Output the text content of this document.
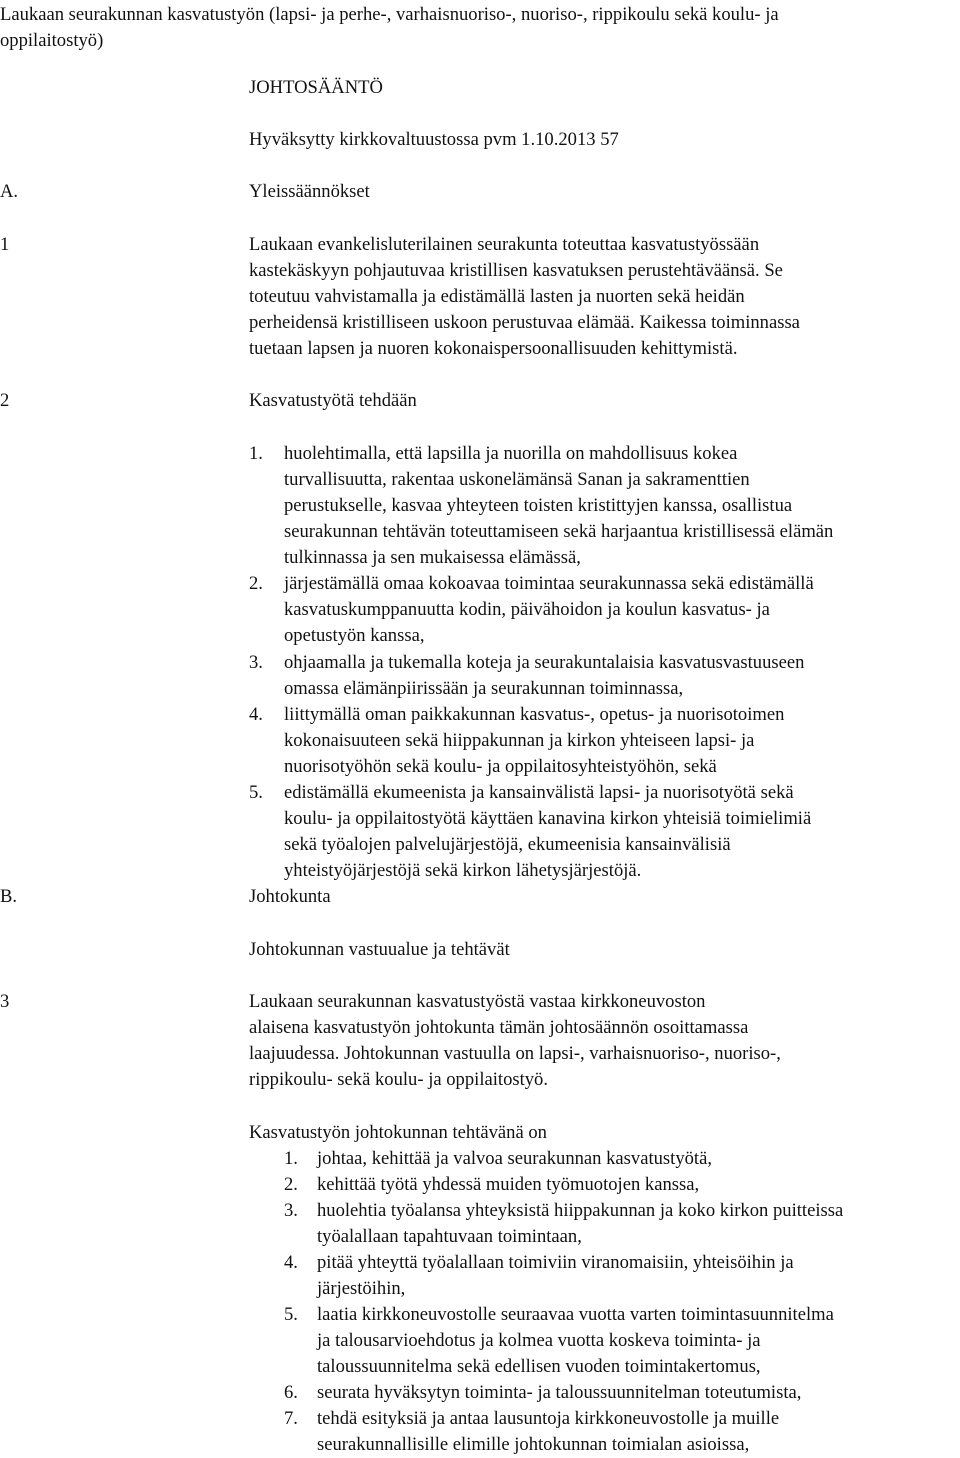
Laukaan seurakunnan kasvatustyön (lapsi- ja perhe-, varhaisnuoriso-, nuoriso-, rippikoulu sekä koulu- ja
oppilaitostyö)
JOHTOSÄÄNTÖ
Hyväksytty kirkkovaltuustossa pvm 1.10.2013 57
A.	Yleissäännökset
1	Laukaan evankelisluterilainen seurakunta toteuttaa kasvatustyössään
kastekäskyyn pohjautuvaa kristillisen kasvatuksen perustehtäväänsä. Se
toteutuu vahvistamalla ja edistämällä lasten ja nuorten sekä heidän
perheidensä kristilliseen uskoon perustuvaa elämää. Kaikessa toiminnassa
tuetaan lapsen ja nuoren kokonaispersoonallisuuden kehittymistä.
2	Kasvatustyötä tehdään
1. huolehtimalla, että lapsilla ja nuorilla on mahdollisuus kokea
turvallisuutta, rakentaa uskonelämänsä Sanan ja sakramenttien
perustukselle, kasvaa yhteyteen toisten kristittyjen kanssa, osallistua
seurakunnan tehtävän toteuttamiseen sekä harjaantua kristillisessä elämän
tulkinnassa ja sen mukaisessa elämässä,
2. järjestämällä omaa kokoavaa toimintaa seurakunnassa sekä edistämällä
kasvatuskumppanuutta kodin, päivähoidon ja koulun kasvatus- ja
opetustyön kanssa,
3. ohjaamalla ja tukemalla koteja ja seurakuntalaisia kasvatusvastuuseen
omassa elämänpiirissään ja seurakunnan toiminnassa,
4. liittymällä oman paikkakunnan kasvatus-, opetus- ja nuorisotoimen
kokonaisuuteen sekä hiippakunnan ja kirkon yhteiseen lapsi- ja
nuorisotyöhön sekä koulu- ja oppilaitosyhteistyöhön, sekä
5. edistämällä ekumeenista ja kansainvälistä lapsi- ja nuorisotyötä sekä
koulu- ja oppilaitostyötä käyttäen kanavina kirkon yhteisiä toimielimiä
sekä työalojen palvelujärjestöjä, ekumeenisia kansainvälisiä
yhteistyöjärjestöjä sekä kirkon lähetysjärjestöjä.
B.	Johtokunta
Johtokunnan vastuualue ja tehtävät
3	Laukaan seurakunnan kasvatustyöstä vastaa kirkkoneuvoston
alaisena kasvatustyön johtokunta tämän johtosäännön osoittamassa
laajuudessa. Johtokunnan vastuulla on lapsi-, varhaisnuoriso-, nuoriso-,
rippikoulu- sekä koulu- ja oppilaitostyö.
Kasvatustyön johtokunnan tehtävänä on
1. johtaa, kehittää ja valvoa seurakunnan kasvatustyötä,
2. kehittää työtä yhdessä muiden työmuotojen kanssa,
3. huolehtia työalansa yhteyksistä hiippakunnan ja koko kirkon puitteissa
työalallaan tapahtuvaan toimintaan,
4. pitää yhteyttä työalallaan toimiviin viranomaisiin, yhteisöihin ja
järjestöihin,
5. laatia kirkkoneuvostolle seuraavaa vuotta varten toimintasuunnitelma
ja talousarvioehdotus ja kolmea vuotta koskeva toiminta- ja
taloussuunnitelma sekä edellisen vuoden toimintakertomus,
6. seurata hyväksytyn toiminta- ja taloussuunnitelman toteutumista,
7. tehdä esityksiä ja antaa lausuntoja kirkkoneuvostolle ja muille
seurakunnallisille elimille johtokunnan toimialan asioissa,
